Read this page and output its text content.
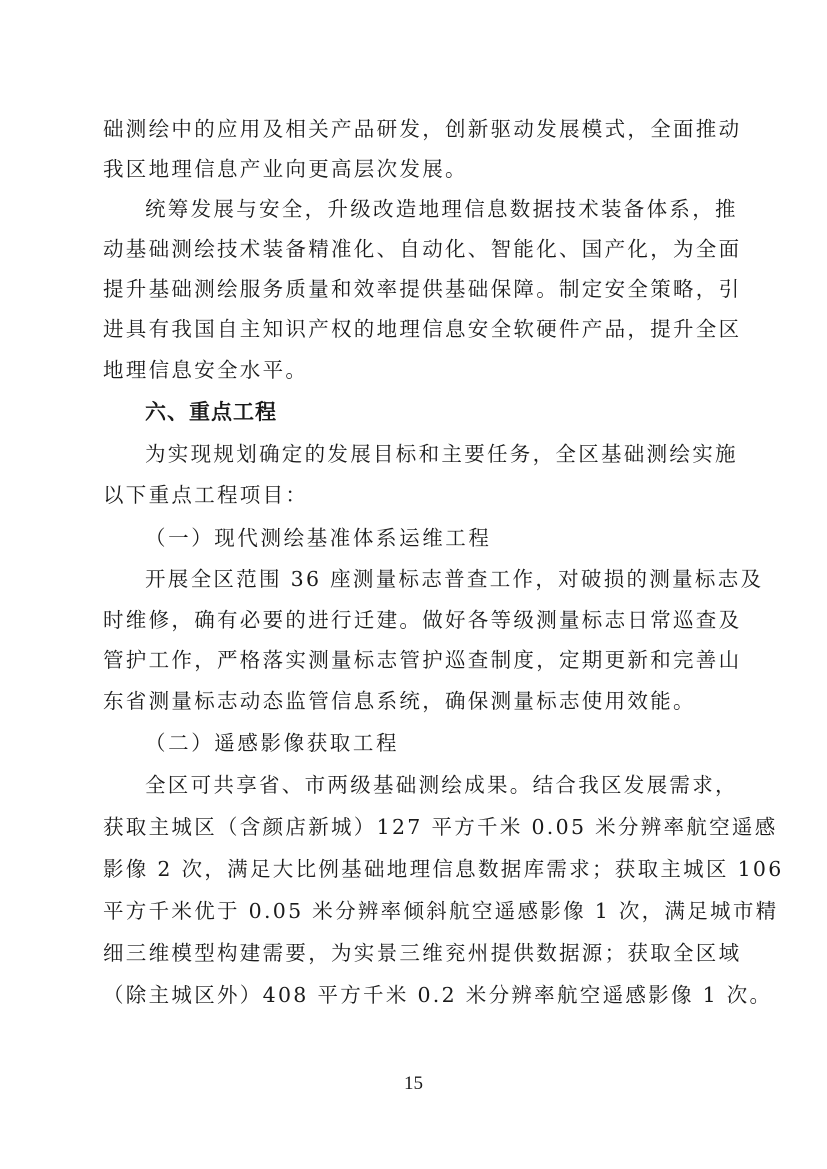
础测绘中的应用及相关产品研发，创新驱动发展模式，全面推动
我区地理信息产业向更高层次发展。
统筹发展与安全，升级改造地理信息数据技术装备体系，推
动基础测绘技术装备精准化、自动化、智能化、国产化，为全面
提升基础测绘服务质量和效率提供基础保障。制定安全策略，引
进具有我国自主知识产权的地理信息安全软硬件产品，提升全区
地理信息安全水平。
六、重点工程
为实现规划确定的发展目标和主要任务，全区基础测绘实施
以下重点工程项目：
（一）现代测绘基准体系运维工程
开展全区范围 36 座测量标志普查工作，对破损的测量标志及
时维修，确有必要的进行迁建。做好各等级测量标志日常巡查及
管护工作，严格落实测量标志管护巡查制度，定期更新和完善山
东省测量标志动态监管信息系统，确保测量标志使用效能。
（二）遥感影像获取工程
全区可共享省、市两级基础测绘成果。结合我区发展需求，
获取主城区（含颜店新城）127 平方千米 0.05 米分辨率航空遥感
影像 2 次，满足大比例基础地理信息数据库需求；获取主城区 106
平方千米优于 0.05 米分辨率倾斜航空遥感影像 1 次，满足城市精
细三维模型构建需要，为实景三维兖州提供数据源；获取全区域
（除主城区外）408 平方千米 0.2 米分辨率航空遥感影像 1 次。
15
